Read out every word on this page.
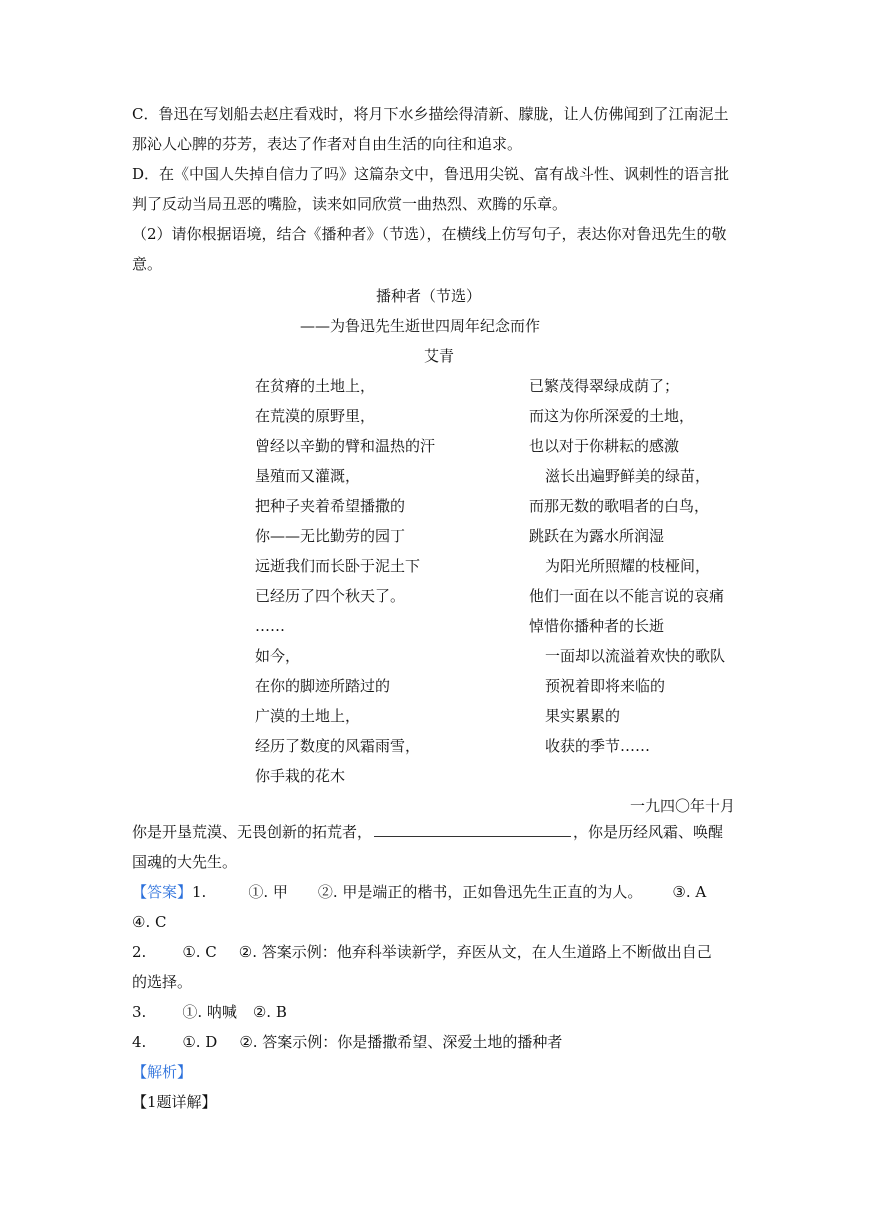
C．鲁迅在写划船去赵庄看戏时，将月下水乡描绘得清新、朦胧，让人仿佛闻到了江南泥土
那沁人心脾的芬芳，表达了作者对自由生活的向往和追求。
D．在《中国人失掉自信力了吗》这篇杂文中，鲁迅用尖锐、富有战斗性、讽刺性的语言批
判了反动当局丑恶的嘴脸，读来如同欣赏一曲热烈、欢腾的乐章。
（2）请你根据语境，结合《播种者》（节选），在横线上仿写句子，表达你对鲁迅先生的敬
意。
播种者（节选）
——为鲁迅先生逝世四周年纪念而作
艾青
在贫瘠的土地上，
在荒漠的原野里，
曾经以辛勤的臂和温热的汗
垦殖而又灌溉，
把种子夹着希望播撒的
你——无比勤劳的园丁
远逝我们而长卧于泥土下
已经历了四个秋天了。
……
如今，
在你的脚迹所踏过的
广漠的土地上，
经历了数度的风霜雨雪，
你手栽的花木
已繁茂得翠绿成荫了；
而这为你所深爱的土地，
也以对于你耕耘的感激
滋长出遍野鲜美的绿苗，
而那无数的歌唱者的白鸟，
跳跃在为露水所润湿
为阳光所照耀的枝桠间，
他们一面在以不能言说的哀痛
悼惜你播种者的长逝
一面却以流溢着欢快的歌队
预祝着即将来临的
果实累累的
收获的季节……
一九四〇年十月
你是开垦荒漠、无畏创新的拓荒者，	，你是历经风霜、唤醒
国魂的大先生。
【答案】1.	①. 甲 ②. 甲是端正的楷书，正如鲁迅先生正直的为人。 ③. A
④. C
2. ①. C ②. 答案示例：他弃科举读新学，弃医从文，在人生道路上不断做出自己
的选择。
3. ①. 呐喊 ②. B
4. ①. D ②. 答案示例：你是播撒希望、深爱土地的播种者
【解析】
【1题详解】
